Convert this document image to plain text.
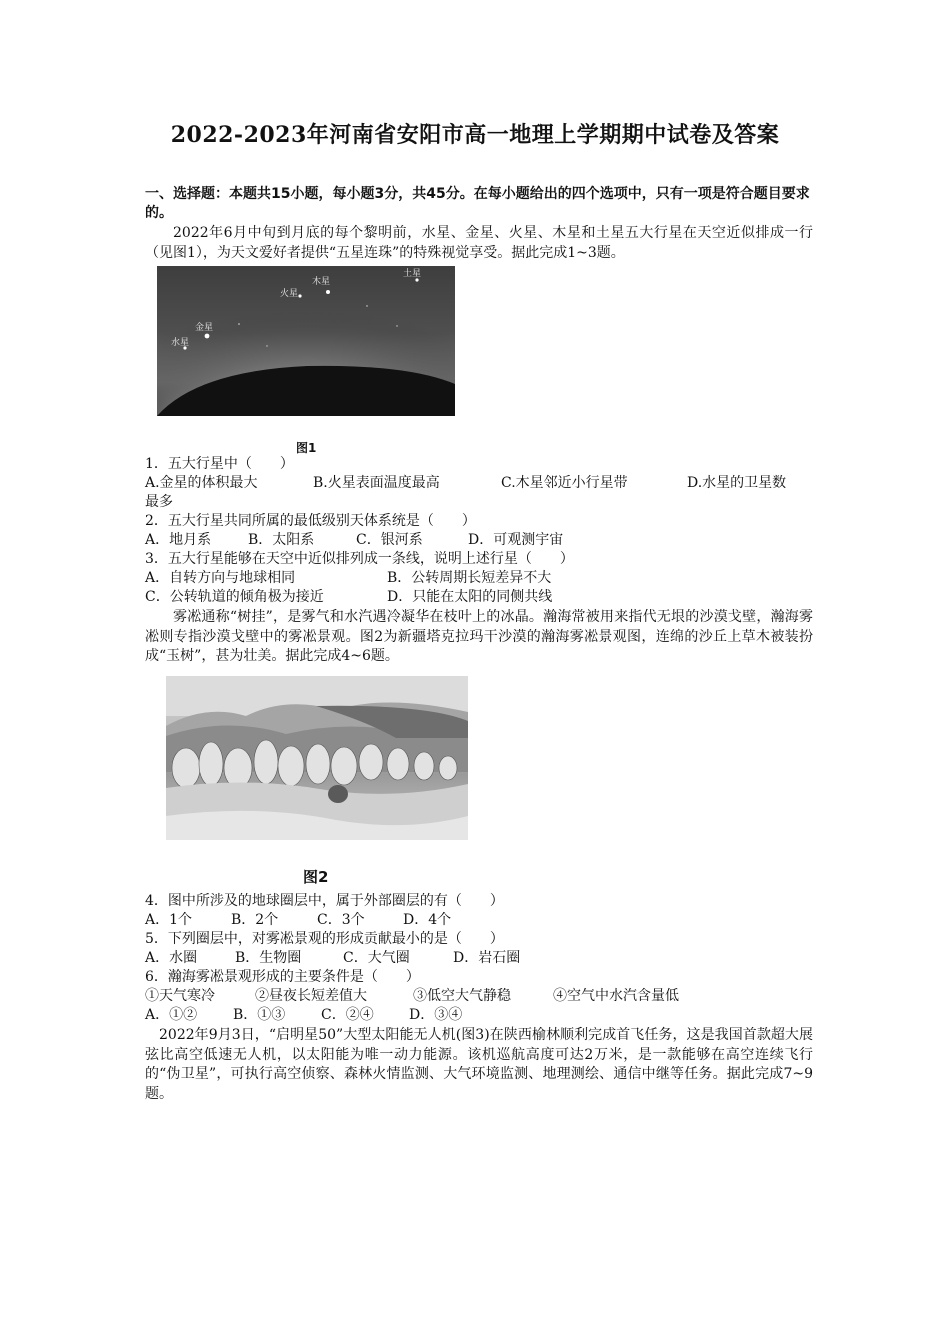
2022-2023年河南省安阳市高一地理上学期期中试卷及答案
一、选择题：本题共15小题，每小题3分，共45分。在每小题给出的四个选项中，只有一项是符合题目要求的。
2022年6月中旬到月底的每个黎明前，水星、金星、火星、木星和土星五大行星在天空近似排成一行（见图1），为天文爱好者提供“五星连珠”的特殊视觉享受。据此完成1~3题。
水星
金星
火星
木星
土星
图1
1．五大行星中（　　）
A.金星的体积最大	B.火星表面温度最高	C.木星邻近小行星带	D.水星的卫星数
最多
2．五大行星共同所属的最低级别天体系统是（　　）
A．地月系	B．太阳系	C．银河系	D．可观测宇宙
3．五大行星能够在天空中近似排列成一条线，说明上述行星（　　）
A．自转方向与地球相同	B．公转周期长短差异不大
C．公转轨道的倾角极为接近	D．只能在太阳的同侧共线
雾凇通称“树挂”，是雾气和水汽遇冷凝华在枝叶上的冰晶。瀚海常被用来指代无垠的沙漠戈壁，瀚海雾凇则专指沙漠戈壁中的雾凇景观。图2为新疆塔克拉玛干沙漠的瀚海雾凇景观图，连绵的沙丘上草木被装扮成“玉树”，甚为壮美。据此完成4~6题。
图2
4．图中所涉及的地球圈层中，属于外部圈层的有（　　）
A．1个	B．2个	C．3个	D．4个
5．下列圈层中，对雾凇景观的形成贡献最小的是（　　）
A．水圈	B．生物圈	C．大气圈	D．岩石圈
6．瀚海雾凇景观形成的主要条件是（　　）
①天气寒冷	②昼夜长短差值大	③低空大气静稳	④空气中水汽含量低
A．①②	B．①③	C．②④	D．③④
2022年9月3日，“启明星50”大型太阳能无人机(图3)在陕西榆林顺利完成首飞任务，这是我国首款超大展弦比高空低速无人机，以太阳能为唯一动力能源。该机巡航高度可达2万米，是一款能够在高空连续飞行的“伪卫星”，可执行高空侦察、森林火情监测、大气环境监测、地理测绘、通信中继等任务。据此完成7~9题。
